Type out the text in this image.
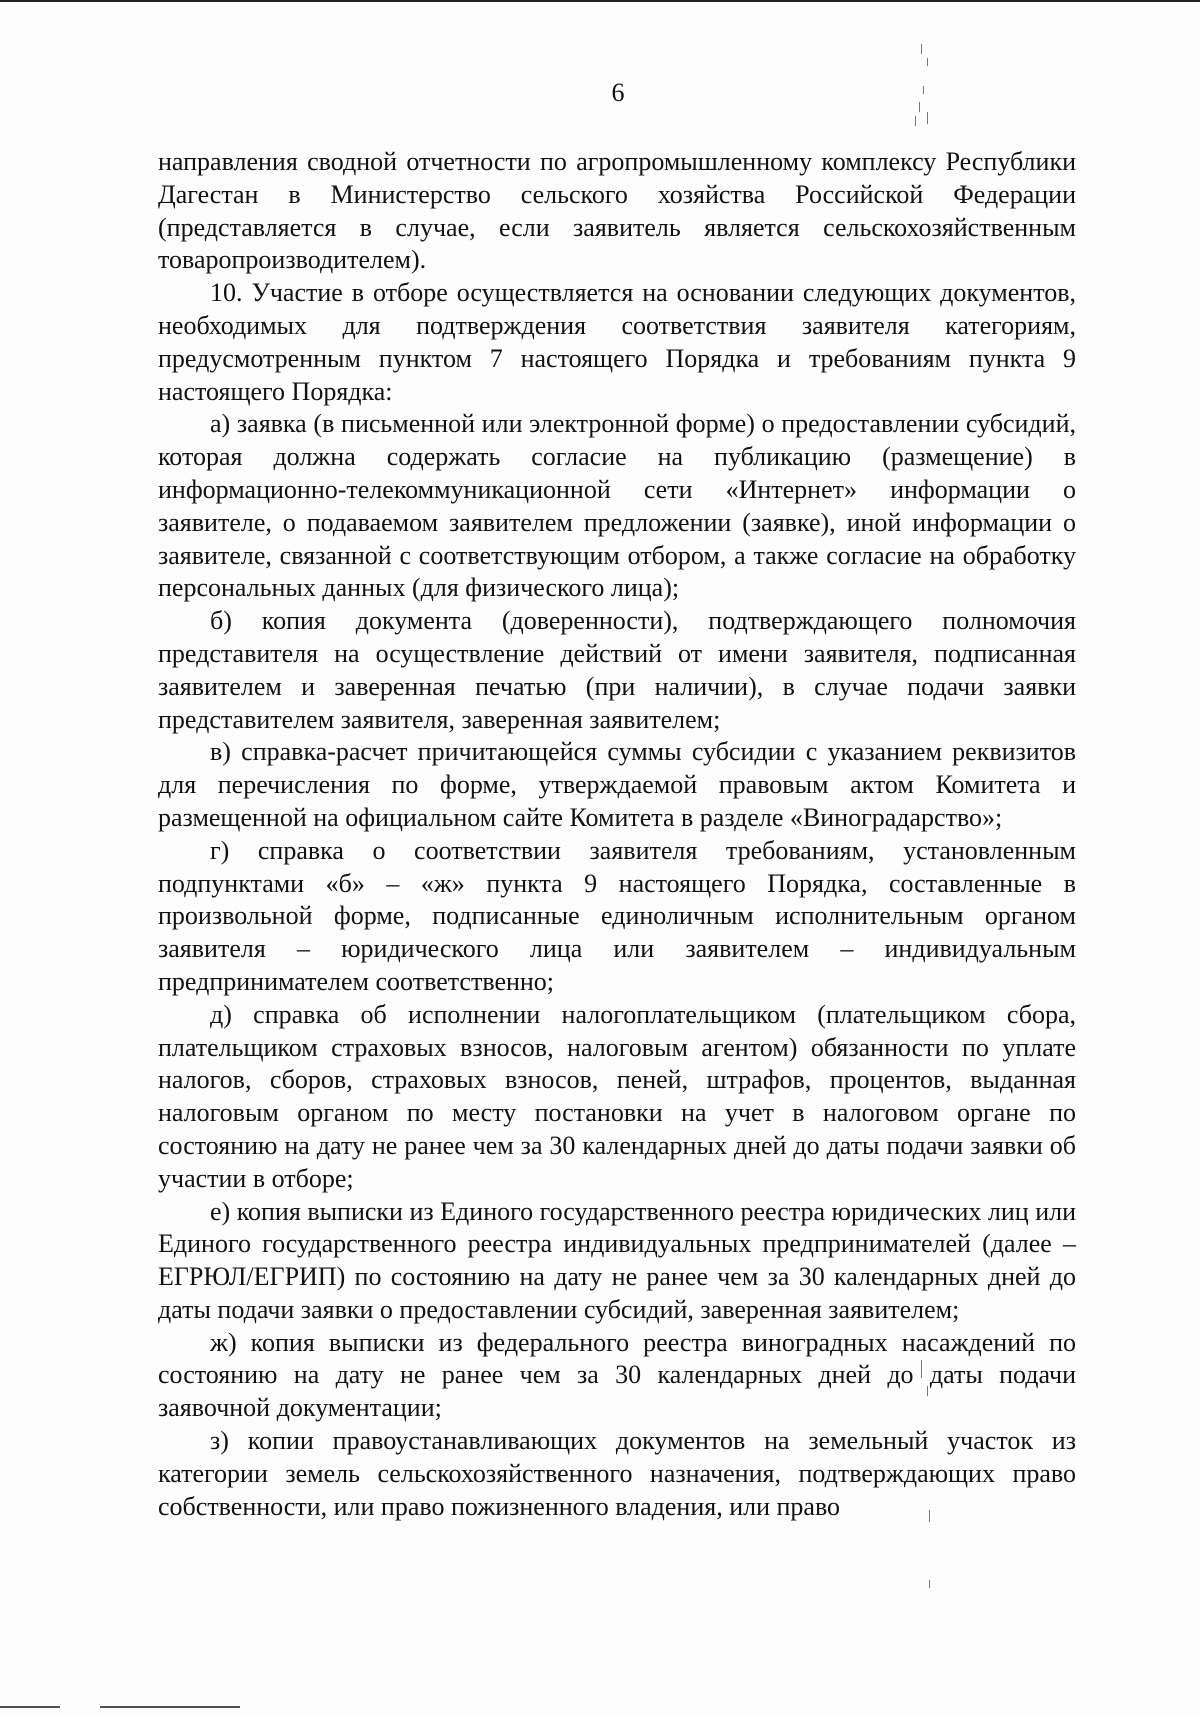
6

направления сводной отчетности по агропромышленному комплексу Республики Дагестан в Министерство сельского хозяйства Российской Федерации (представляется в случае, если заявитель является сельскохозяйственным товаропроизводителем).

10. Участие в отборе осуществляется на основании следующих документов, необходимых для подтверждения соответствия заявителя категориям, предусмотренным пунктом 7 настоящего Порядка и требованиям пункта 9 настоящего Порядка:

а) заявка (в письменной или электронной форме) о предоставлении субсидий, которая должна содержать согласие на публикацию (размещение) в информационно-телекоммуникационной сети «Интернет» информации о заявителе, о подаваемом заявителем предложении (заявке), иной информации о заявителе, связанной с соответствующим отбором, а также согласие на обработку персональных данных (для физического лица);

б) копия документа (доверенности), подтверждающего полномочия представителя на осуществление действий от имени заявителя, подписанная заявителем и заверенная печатью (при наличии), в случае подачи заявки представителем заявителя, заверенная заявителем;

в) справка-расчет причитающейся суммы субсидии с указанием реквизитов для перечисления по форме, утверждаемой правовым актом Комитета и размещенной на официальном сайте Комитета в разделе «Виноградарство»;

г) справка о соответствии заявителя требованиям, установленным подпунктами «б» – «ж» пункта 9 настоящего Порядка, составленные в произвольной форме, подписанные единоличным исполнительным органом заявителя – юридического лица или заявителем – индивидуальным предпринимателем соответственно;

д) справка об исполнении налогоплательщиком (плательщиком сбора, плательщиком страховых взносов, налоговым агентом) обязанности по уплате налогов, сборов, страховых взносов, пеней, штрафов, процентов, выданная налоговым органом по месту постановки на учет в налоговом органе по состоянию на дату не ранее чем за 30 календарных дней до даты подачи заявки об участии в отборе;

е) копия выписки из Единого государственного реестра юридических лиц или Единого государственного реестра индивидуальных предпринимателей (далее – ЕГРЮЛ/ЕГРИП) по состоянию на дату не ранее чем за 30 календарных дней до даты подачи заявки о предоставлении субсидий, заверенная заявителем;

ж) копия выписки из федерального реестра виноградных насаждений по состоянию на дату не ранее чем за 30 календарных дней до даты подачи заявочной документации;

з) копии правоустанавливающих документов на земельный участок из категории земель сельскохозяйственного назначения, подтверждающих право собственности, или право пожизненного владения, или право
